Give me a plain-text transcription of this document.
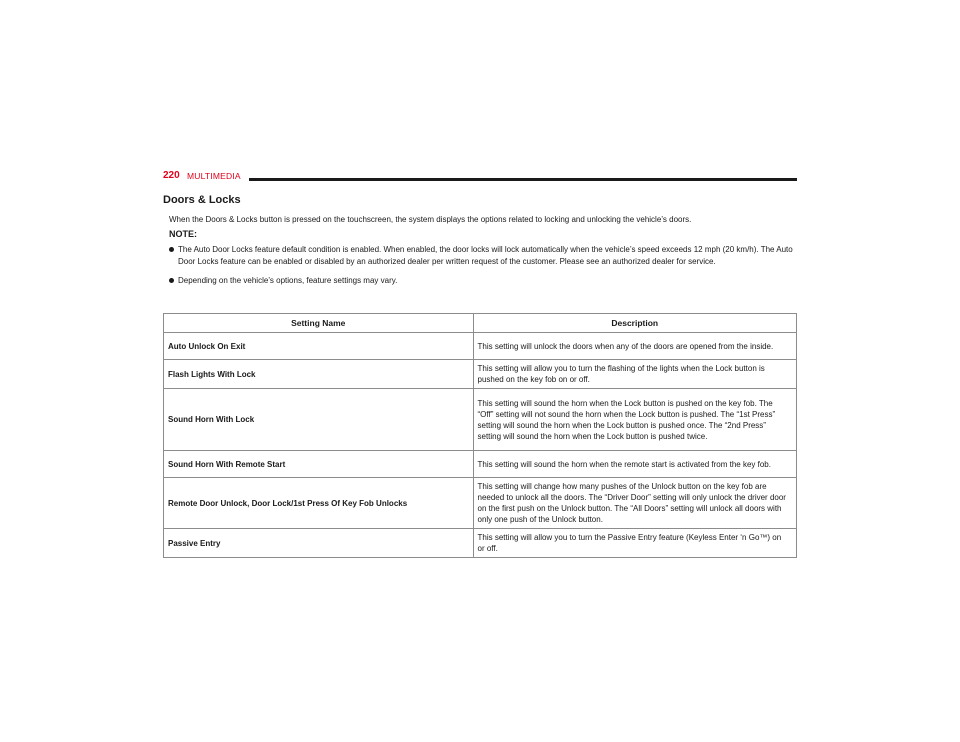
220 MULTIMEDIA
Doors & Locks
When the Doors & Locks button is pressed on the touchscreen, the system displays the options related to locking and unlocking the vehicle’s doors.
NOTE:
The Auto Door Locks feature default condition is enabled. When enabled, the door locks will lock automatically when the vehicle’s speed exceeds 12 mph (20 km/h). The Auto Door Locks feature can be enabled or disabled by an authorized dealer per written request of the customer. Please see an authorized dealer for service.
Depending on the vehicle’s options, feature settings may vary.
Setting Name	Description
Auto Unlock On Exit	This setting will unlock the doors when any of the doors are opened from the inside.
Flash Lights With Lock	This setting will allow you to turn the flashing of the lights when the Lock button is pushed on the key fob on or off.
Sound Horn With Lock	This setting will sound the horn when the Lock button is pushed on the key fob. The “Off” setting will not sound the horn when the Lock button is pushed. The “1st Press” setting will sound the horn when the Lock button is pushed once. The “2nd Press” setting will sound the horn when the Lock button is pushed twice.
Sound Horn With Remote Start	This setting will sound the horn when the remote start is activated from the key fob.
Remote Door Unlock, Door Lock/1st Press Of Key Fob Unlocks	This setting will change how many pushes of the Unlock button on the key fob are needed to unlock all the doors. The “Driver Door” setting will only unlock the driver door on the first push on the Unlock button. The “All Doors” setting will unlock all doors with only one push of the Unlock button.
Passive Entry	This setting will allow you to turn the Passive Entry feature (Keyless Enter ‘n Go™) on or off.
